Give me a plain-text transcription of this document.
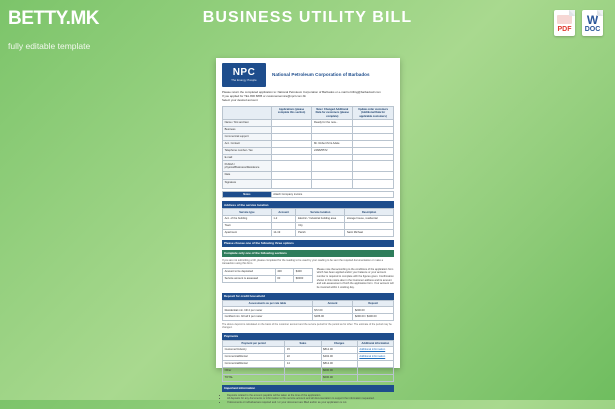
BETTY.MK
fully editable template
BUSINESS UTILITY BILL
PDF	W DOC
NPC
The Energy People
National Petroleum Corporation of Barbados
Please return the completed application to: National Petroleum Corporation of Barbados or e-mail to billing@barbados3.com
If you applied for TEL 800 6895 or customerservice@npcl.com.bb
Select your desired account
	Applications (please complete this section)	New / Changed Additional Data for customers (please complete)	Update order customers (Additional Data for applicable customers)
Name / first and last		Ready for the new...	
Business			
Commercial support			
Acc. Contact		Mr. Robert M & Adele	
Telephone number / fax		246825572	
E-mail			
Publish / physical/Business/Residence			
Date			
Signature			
Notes	Attach Company invoice
Address of the service location
Service type	Account	Service location	Description
Acc. of the building	1-2	Electric / Industrial building area	storage house, residential
Town		City	
Apartment	14-19	Parish	Saint Michael
Please choose one of the following three options
Complete only one of the following sections
If you are not submitting a bill, please completed for the reading to be used by your reading to be sent the required documentation or make a transaction using this form.
Amount to be deposited	400	$400
Service amount is assessed	00	$0000
Please note that according to the conditions of the application form which has been applied and/or your balance or your account number is required to complete with the figures given. Confirmation shown in this notice also in the Customer address and its amount and sub-assessment of both the application form. Your account will be invoiced within 1 working day.
Deposit for credit household
Assessments as per rate table	Amount	Deposit
Residential min. bill 2 per meter	$72.00	$200.00
Certified min. bill all 3 per meter	$186.00	$290.00 / $400.00
The above deposit is calculated on the basis of the customer account and the service period for the period as for other. The estimate of the period may be changed.
Payments
Payment per period	Sales	Charges	Additional information
Customer/Industry	15	$812.00	Additional information
Commercial/Rental	22	$402.00	Additional information
Commercial/Rental	14	$812.00	
Other		$000.00	
TOTAL		$000.00	
Important information
• Deposits related to the amount payable will be taken at the time of the application.
• All deposits for any documents or information to this service account and all documentation to support the information requested.
• If documents or individual are required and / or your document are filled and/or as your application is not.
